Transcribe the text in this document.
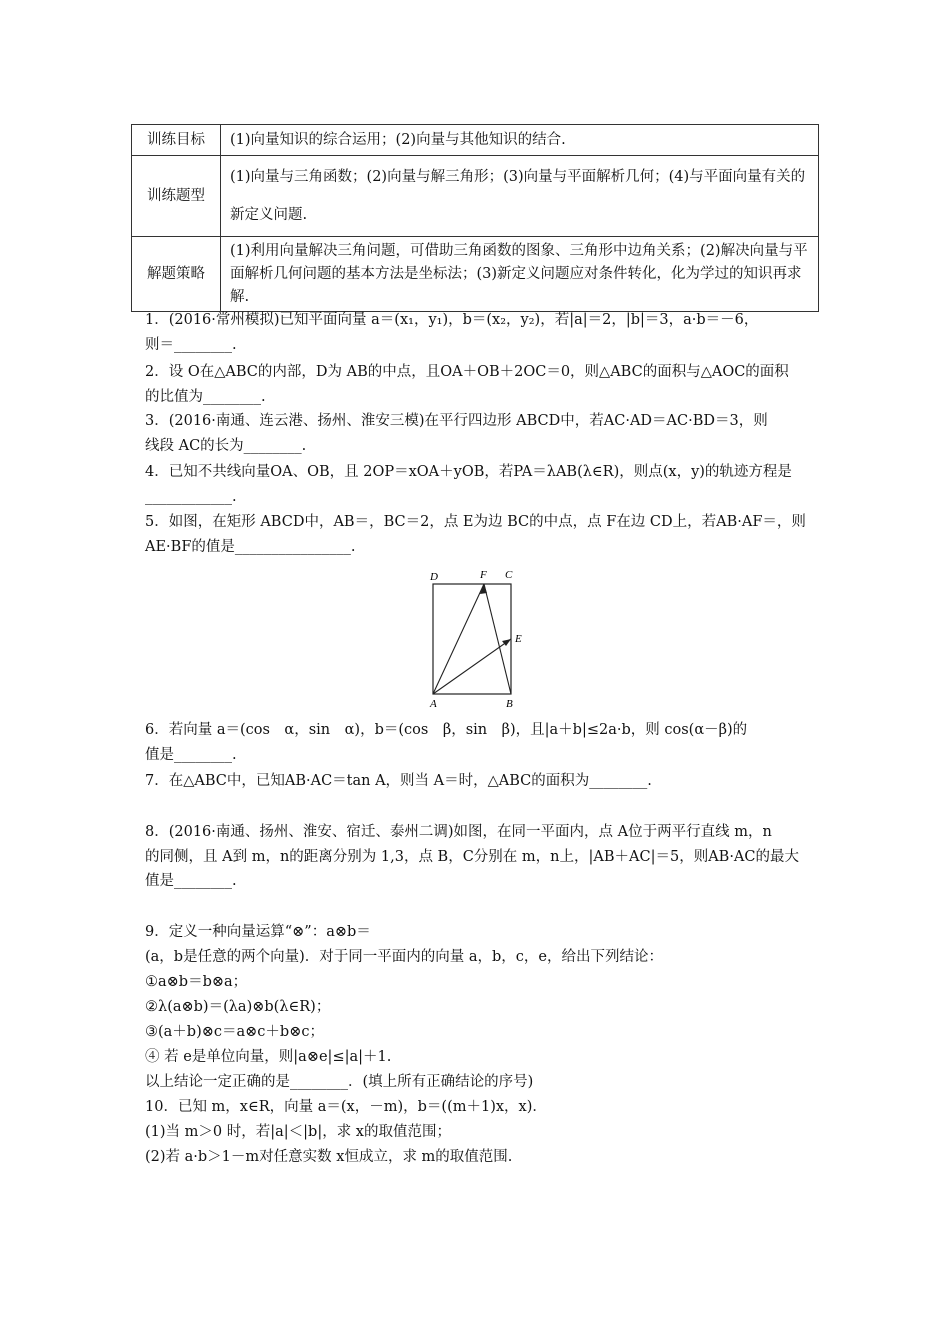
训练目标	(1)向量知识的综合运用；(2)向量与其他知识的结合.
训练题型	(1)向量与三角函数；(2)向量与解三角形；(3)向量与平面解析几何；(4)与平面向量有关的新定义问题.
解题策略	(1)利用向量解决三角问题，可借助三角函数的图象、三角形中边角关系；(2)解决向量与平面解析几何问题的基本方法是坐标法；(3)新定义问题应对条件转化，化为学过的知识再求解.
1．(2016·常州模拟)已知平面向量 a＝(x₁，y₁)，b＝(x₂，y₂)，若|a|＝2，|b|＝3，a·b＝－6，
则＝________.
2．设 O在△ABC的内部，D为 AB的中点，且OA＋OB＋2OC＝0，则△ABC的面积与△AOC的面积
的比值为________.
3．(2016·南通、连云港、扬州、淮安三模)在平行四边形 ABCD中，若AC·AD＝AC·BD＝3，则
线段 AC的长为________.
4．已知不共线向量OA、OB，且 2OP＝xOA＋yOB，若PA＝λAB(λ∈R)，则点(x，y)的轨迹方程是
____________.
5．如图，在矩形 ABCD中，AB＝，BC＝2，点 E为边 BC的中点，点 F在边 CD上，若AB·AF＝，则
AE·BF的值是________________.
D	F C
E
A	B
6．若向量 a＝(cos　α，sin　α)，b＝(cos　β，sin　β)，且|a＋b|≤2a·b，则 cos(α－β)的
值是________.
7．在△ABC中，已知AB·AC＝tan A，则当 A＝时，△ABC的面积为________.
8．(2016·南通、扬州、淮安、宿迁、泰州二调)如图，在同一平面内，点 A位于两平行直线 m，n
的同侧，且 A到 m，n的距离分别为 1,3，点 B，C分别在 m，n上，|AB＋AC|＝5，则AB·AC的最大
值是________.
9．定义一种向量运算“⊗”：a⊗b＝
(a，b是任意的两个向量)．对于同一平面内的向量 a，b，c，e，给出下列结论：
①a⊗b＝b⊗a；
②λ(a⊗b)＝(λa)⊗b(λ∈R)；
③(a＋b)⊗c＝a⊗c＋b⊗c；
④ 若 e是单位向量，则|a⊗e|≤|a|＋1.
以上结论一定正确的是________．(填上所有正确结论的序号)
10．已知 m，x∈R，向量 a＝(x，－m)，b＝((m＋1)x，x)．
(1)当 m＞0 时，若|a|＜|b|，求 x的取值范围；
(2)若 a·b＞1－m对任意实数 x恒成立，求 m的取值范围.
